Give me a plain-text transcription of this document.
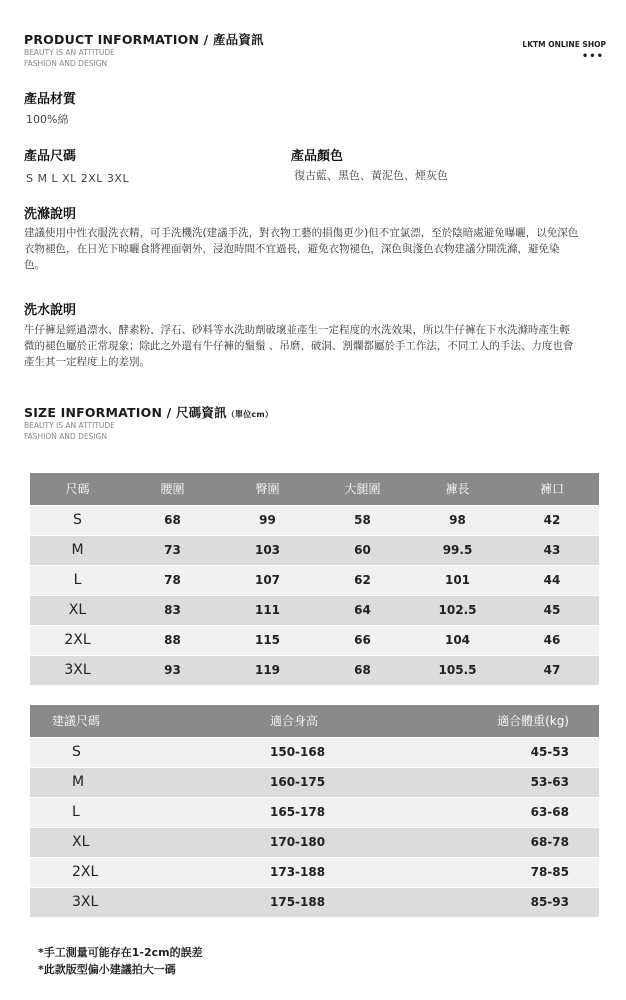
PRODUCT INFORMATION / 產品資訊
BEAUTY IS AN ATTITUDE
FASHION AND DESIGN
LKTM ONLINE SHOP
•••
產品材質
100%綿
產品尺碼
S M L XL 2XL 3XL
產品顏色
復古藍、黑色、黃泥色、煙灰色
洗滌說明
建議使用中性衣服洗衣精，可手洗機洗(建議手洗，對衣物工藝的損傷更少)但不宜氯漂，至於陰暗處避免曝曬，以免深色衣物褪色，在日光下晾曬食將裡面朝外，浸泡時間不宜過長，避免衣物褪色，深色與淺色衣物建議分開洗滌，避免染色。
洗水說明
牛仔褲是經過漂水、酵素粉、浮石、砂料等水洗助劑破壞並產生一定程度的水洗效果，所以牛仔褲在下水洗滌時產生輕微的褪色屬於正常現象；除此之外還有牛仔褲的鬚鬚 、吊磨、破洞、割爛都屬於手工作法，不同工人的手法、力度也會產生其一定程度上的差別。
SIZE INFORMATION / 尺碼資訊（單位cm）
BEAUTY IS AN ATTITUDE
FASHION AND DESIGN
尺碼	腰圍	臀圍	大腿圍	褲長	褲口
S	68	99	58	98	42
M	73	103	60	99.5	43
L	78	107	62	101	44
XL	83	111	64	102.5	45
2XL	88	115	66	104	46
3XL	93	119	68	105.5	47
建議尺碼	適合身高	適合體重(kg)
S	150-168	45-53
M	160-175	53-63
L	165-178	63-68
XL	170-180	68-78
2XL	173-188	78-85
3XL	175-188	85-93
*手工測量可能存在1-2cm的誤差
*此款版型偏小建議拍大一碼
